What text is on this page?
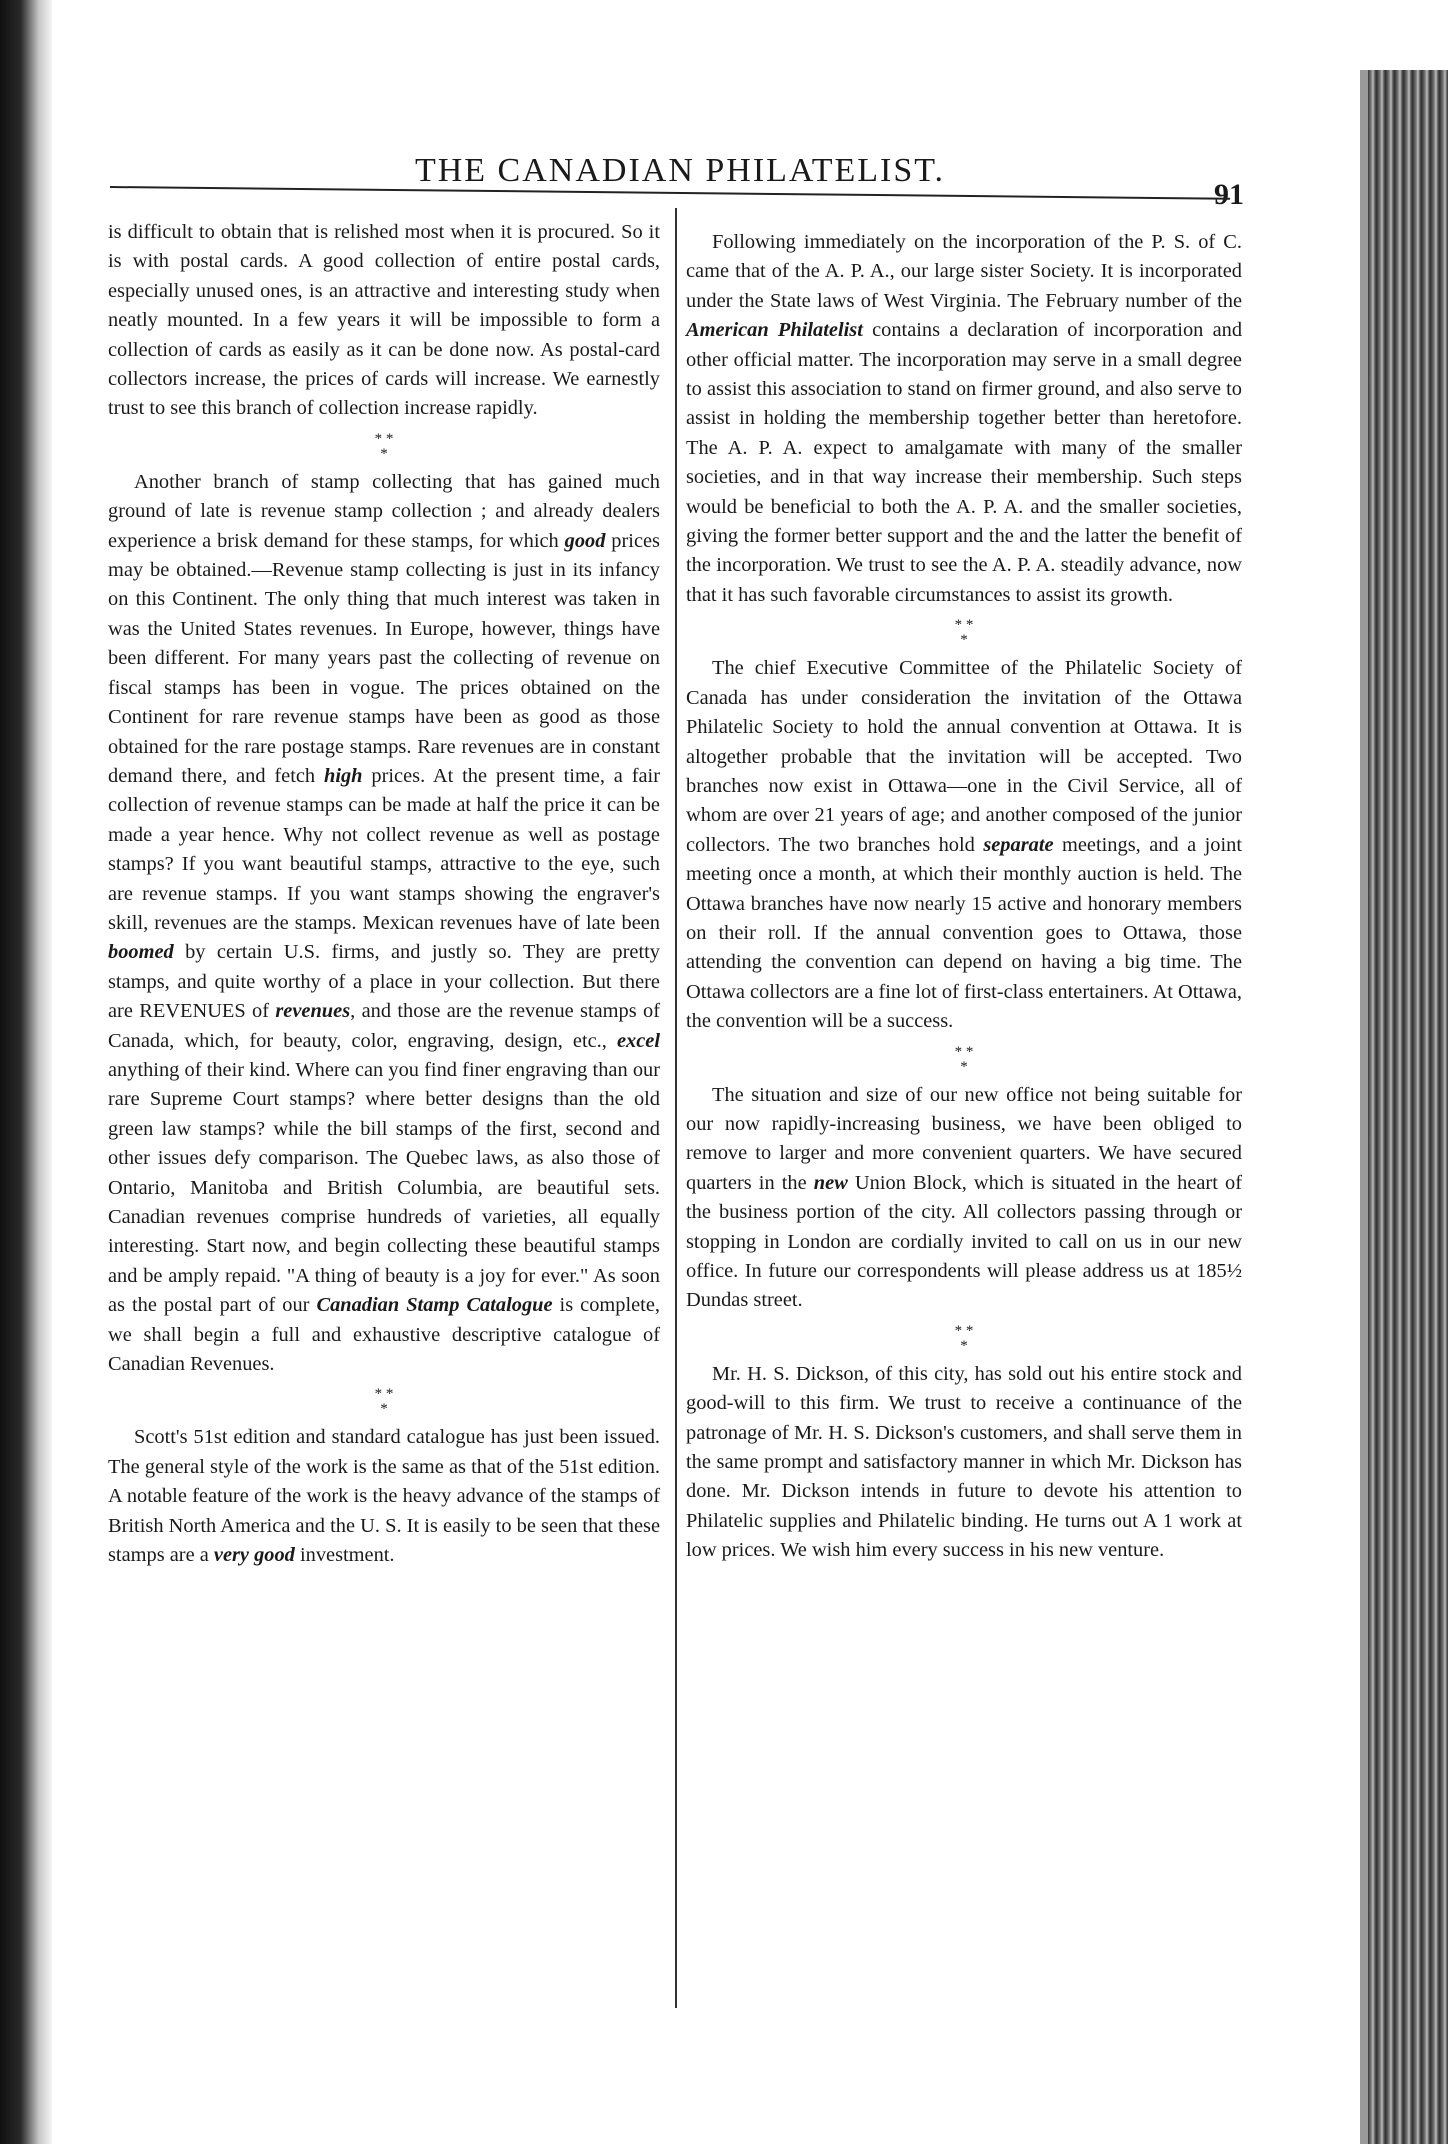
THE CANADIAN PHILATELIST.
91

is difficult to obtain that is relished most when it is procured. So it is with postal cards. A good collection of entire postal cards, especially unused ones, is an attractive and interesting study when neatly mounted. In a few years it will be impossible to form a collection of cards as easily as it can be done now. As postal-card collectors increase, the prices of cards will increase. We earnestly trust to see this branch of collection increase rapidly.

* *
*

Another branch of stamp collecting that has gained much ground of late is revenue stamp collection ; and already dealers experience a brisk demand for these stamps, for which good prices may be obtained.—Revenue stamp collecting is just in its infancy on this Continent. The only thing that much interest was taken in was the United States revenues. In Europe, however, things have been different. For many years past the collecting of revenue on fiscal stamps has been in vogue. The prices obtained on the Continent for rare revenue stamps have been as good as those obtained for the rare postage stamps. Rare revenues are in constant demand there, and fetch high prices. At the present time, a fair collection of revenue stamps can be made at half the price it can be made a year hence. Why not collect revenue as well as postage stamps? If you want beautiful stamps, attractive to the eye, such are revenue stamps. If you want stamps showing the engraver's skill, revenues are the stamps. Mexican revenues have of late been boomed by certain U.S. firms, and justly so. They are pretty stamps, and quite worthy of a place in your collection. But there are REVENUES of revenues, and those are the revenue stamps of Canada, which, for beauty, color, engraving, design, etc., excel anything of their kind. Where can you find finer engraving than our rare Supreme Court stamps? where better designs than the old green law stamps? while the bill stamps of the first, second and other issues defy comparison. The Quebec laws, as also those of Ontario, Manitoba and British Columbia, are beautiful sets. Canadian revenues comprise hundreds of varieties, all equally interesting. Start now, and begin collecting these beautiful stamps and be amply repaid. "A thing of beauty is a joy for ever." As soon as the postal part of our Canadian Stamp Catalogue is complete, we shall begin a full and exhaustive descriptive catalogue of Canadian Revenues.

* *
*

Scott's 51st edition and standard catalogue has just been issued. The general style of the work is the same as that of the 51st edition. A notable feature of the work is the heavy advance of the stamps of British North America and the U. S. It is easily to be seen that these stamps are a very good investment.

Following immediately on the incorporation of the P. S. of C. came that of the A. P. A., our large sister Society. It is incorporated under the State laws of West Virginia. The February number of the American Philatelist contains a declaration of incorporation and other official matter. The incorporation may serve in a small degree to assist this association to stand on firmer ground, and also serve to assist in holding the membership together better than heretofore. The A. P. A. expect to amalgamate with many of the smaller societies, and in that way increase their membership. Such steps would be beneficial to both the A. P. A. and the smaller societies, giving the former better support and the and the latter the benefit of the incorporation. We trust to see the A. P. A. steadily advance, now that it has such favorable circumstances to assist its growth.

* *
*

The chief Executive Committee of the Philatelic Society of Canada has under consideration the invitation of the Ottawa Philatelic Society to hold the annual convention at Ottawa. It is altogether probable that the invitation will be accepted. Two branches now exist in Ottawa—one in the Civil Service, all of whom are over 21 years of age; and another composed of the junior collectors. The two branches hold separate meetings, and a joint meeting once a month, at which their monthly auction is held. The Ottawa branches have now nearly 15 active and honorary members on their roll. If the annual convention goes to Ottawa, those attending the convention can depend on having a big time. The Ottawa collectors are a fine lot of first-class entertainers. At Ottawa, the convention will be a success.

* *
*

The situation and size of our new office not being suitable for our now rapidly-increasing business, we have been obliged to remove to larger and more convenient quarters. We have secured quarters in the new Union Block, which is situated in the heart of the business portion of the city. All collectors passing through or stopping in London are cordially invited to call on us in our new office. In future our correspondents will please address us at 185½ Dundas street.

* *
*

Mr. H. S. Dickson, of this city, has sold out his entire stock and good-will to this firm. We trust to receive a continuance of the patronage of Mr. H. S. Dickson's customers, and shall serve them in the same prompt and satisfactory manner in which Mr. Dickson has done. Mr. Dickson intends in future to devote his attention to Philatelic supplies and Philatelic binding. He turns out A 1 work at low prices. We wish him every success in his new venture.
